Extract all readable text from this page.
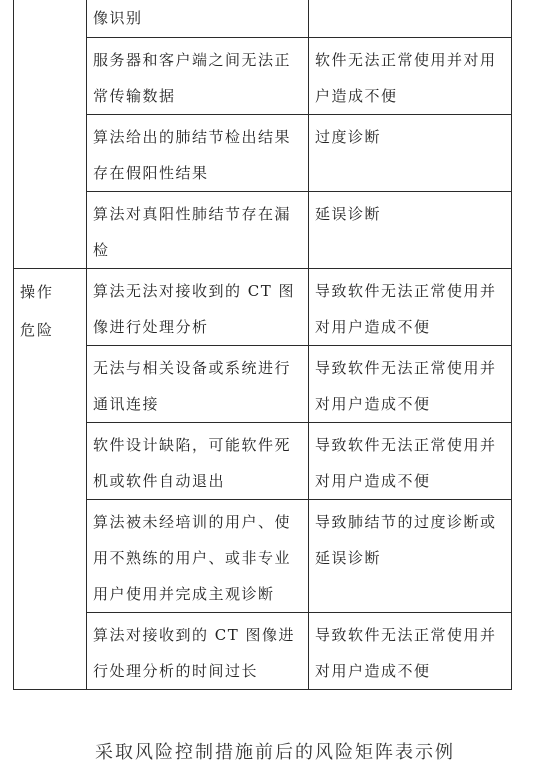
	像识别	
	服务器和客户端之间无法正常传输数据	软件无法正常使用并对用户造成不便
	算法给出的肺结节检出结果存在假阳性结果	过度诊断
	算法对真阳性肺结节存在漏检	延误诊断

操作危险	算法无法对接收到的 CT 图像进行处理分析	导致软件无法正常使用并对用户造成不便
	无法与相关设备或系统进行通讯连接	导致软件无法正常使用并对用户造成不便
	软件设计缺陷，可能软件死机或软件自动退出	导致软件无法正常使用并对用户造成不便
	算法被未经培训的用户、使用不熟练的用户、或非专业用户使用并完成主观诊断	导致肺结节的过度诊断或延误诊断
	算法对接收到的 CT 图像进行处理分析的时间过长	导致软件无法正常使用并对用户造成不便
采取风险控制措施前后的风险矩阵表示例
